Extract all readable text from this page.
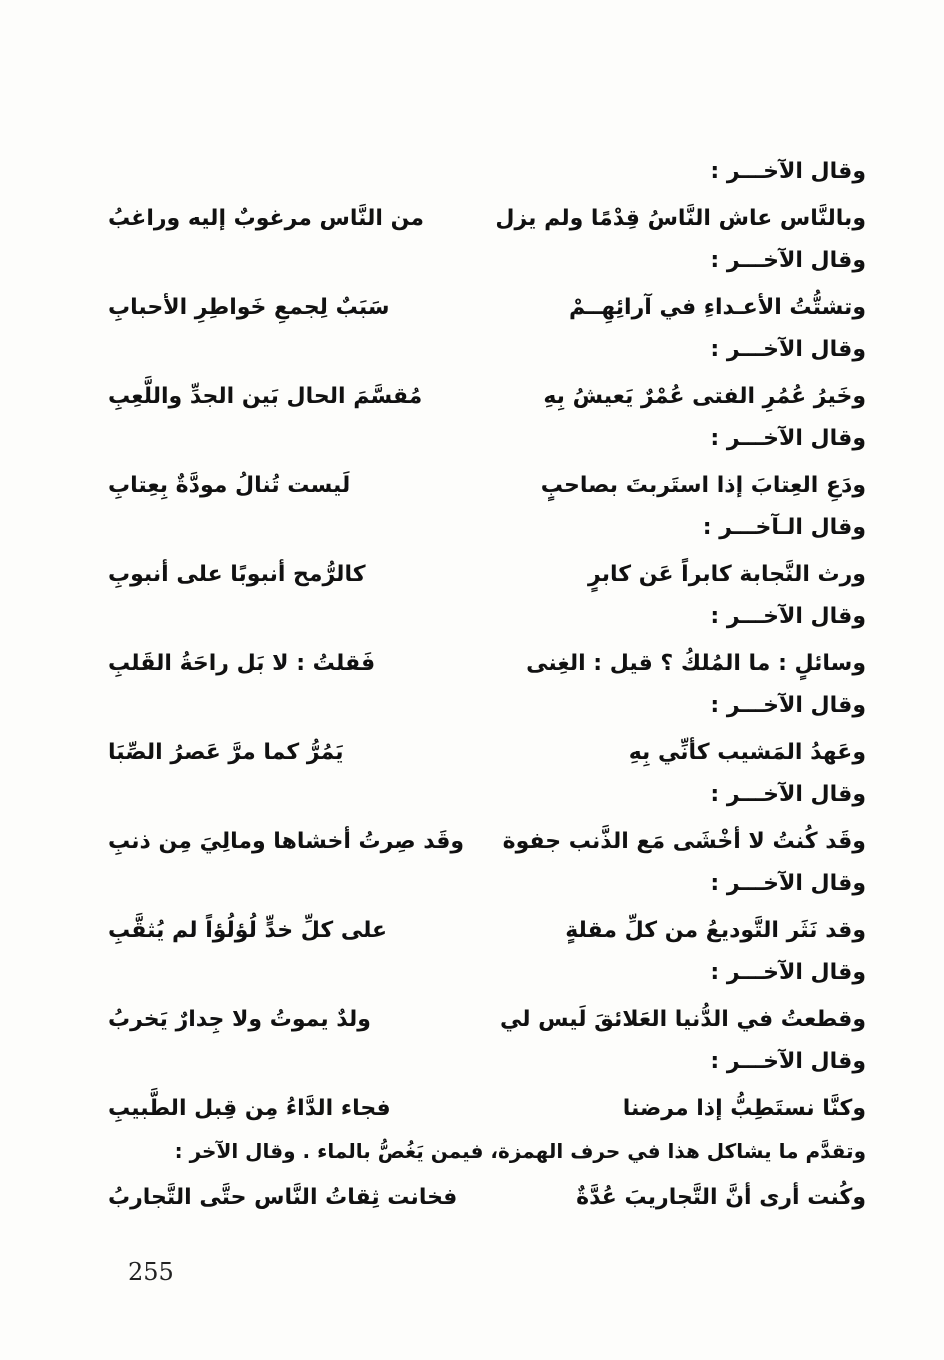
وقال الآخـــر :
وبالنَّاس عاش النَّاسُ قِدْمًا ولم يزل
من النَّاس مرغوبٌ إليه وراغبُ
وقال الآخـــر :
وتشتُّتُ الأعـداءِ في آرائِهِــمْ
سَبَبٌ لِجمعِ خَواطِرِ الأحبابِ
وقال الآخـــر :
وخَيرُ عُمُرِ الفتى عُمْرٌ يَعيشُ بِهِ
مُقسَّمَ الحال بَين الجدِّ واللَّعِبِ
وقال الآخـــر :
ودَعِ العِتابَ إذا استَربتَ بصاحبٍ
لَيست تُنالُ مودَّةٌ بِعِتابِ
وقال الـآخـــر :
ورث النَّجابة كابراً عَن كابرٍ
كالرُّمح أنبوبًا على أنبوبِ
وقال الآخـــر :
وسائلٍ : ما المُلكُ ؟ قيل : الغِنى
فَقلتُ : لا بَل راحَةُ القَلبِ
وقال الآخـــر :
وعَهدُ المَشيب كأنِّي بِهِ
يَمُرُّ كما مرَّ عَصرُ الصِّبَا
وقال الآخـــر :
وقَد كُنتُ لا أخْشَى مَع الذَّنب جفوة
وقَد صِرتُ أخشاها ومالِيَ مِن ذنبِ
وقال الآخـــر :
وقد نَثَر التَّوديعُ من كلِّ مقلةٍ
على كلِّ خدٍّ لُؤلُؤاً لم يُثقَّبِ
وقال الآخـــر :
وقطعتُ في الدُّنيا العَلائقَ لَيس لي
ولدٌ يموتُ ولا جِدارٌ يَخربُ
وقال الآخـــر :
وكنَّا نستَطِبُّ إذا مرضنا
فجاء الدَّاءُ مِن قِبل الطَّبيبِ
وتقدَّم ما يشاكل هذا في حرف الهمزة، فيمن يَغُصُّ بالماء . وقال الآخر :
وكُنت أرى أنَّ التَّجاريبَ عُدَّةٌ
فخانت ثِقاتُ النَّاس حتَّى التَّجاربُ
255
